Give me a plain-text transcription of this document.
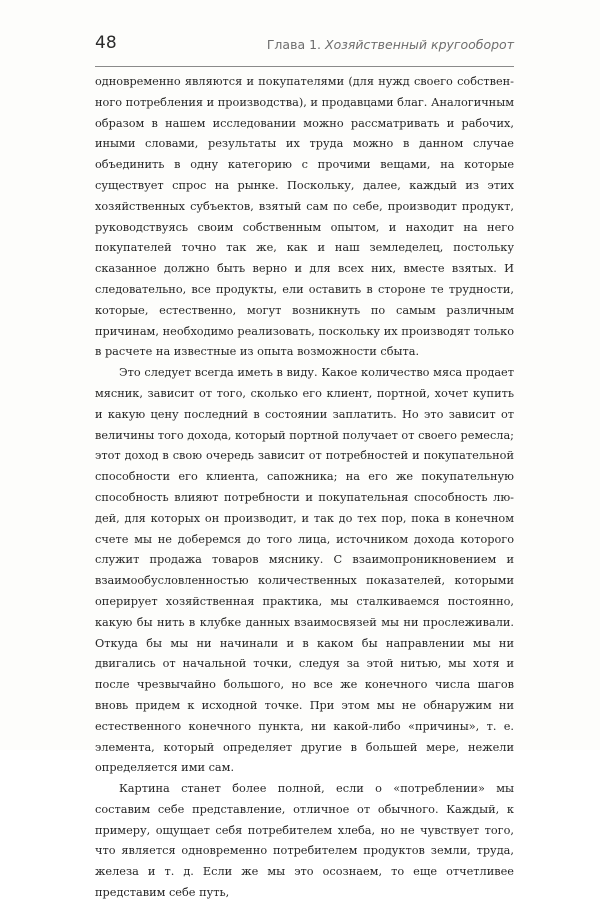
48	Глава 1. Хозяйственный кругооборот

одновременно являются и покупателями (для нужд своего собственного потребления и производства), и продавцами благ. Аналогичным образом в нашем исследовании можно рассматривать и рабочих, иными словами, результаты их труда можно в данном случае объединить в одну категорию с прочими вещами, на которые существует спрос на рынке. Поскольку, далее, каждый из этих хозяйственных субъектов, взятый сам по себе, производит продукт, руководствуясь своим собственным опытом, и находит на него покупателей точно так же, как и наш земледелец, постольку сказанное должно быть верно и для всех них, вместе взятых. И следовательно, все продукты, ели оставить в стороне те трудности, которые, естественно, могут возникнуть по самым различным причинам, необходимо реализовать, поскольку их производят только в расчете на известные из опыта возможности сбыта.

Это следует всегда иметь в виду. Какое количество мяса продает мясник, зависит от того, сколько его клиент, портной, хочет купить и какую цену последний в состоянии заплатить. Но это зависит от величины того дохода, который портной получает от своего ремесла; этот доход в свою очередь зависит от потребностей и покупательной способности его клиента, сапожника; на его же покупательную способность влияют потребности и покупательная способность людей, для которых он производит, и так до тех пор, пока в конечном счете мы не доберемся до того лица, источником дохода которого служит продажа товаров мяснику. С взаимопроникновением и взаимообусловленностью количественных показателей, которыми оперирует хозяйственная практика, мы сталкиваемся постоянно, какую бы нить в клубке данных взаимосвязей мы ни прослеживали. Откуда бы мы ни начинали и в каком бы направлении мы ни двигались от начальной точки, следуя за этой нитью, мы хотя и после чрезвычайно большого, но все же конечного числа шагов вновь придем к исходной точке. При этом мы не обнаружим ни естественного конечного пункта, ни какой-либо «причины», т. е. элемента, который определяет другие в большей мере, нежели определяется ими сам.

Картина станет более полной, если о «потреблении» мы составим себе представление, отличное от обычного. Каждый, к примеру, ощущает себя потребителем хлеба, но не чувствует того, что является одновременно потребителем продуктов земли, труда, железа и т. д. Если же мы это осознаем, то еще отчетливее представим себе путь,
